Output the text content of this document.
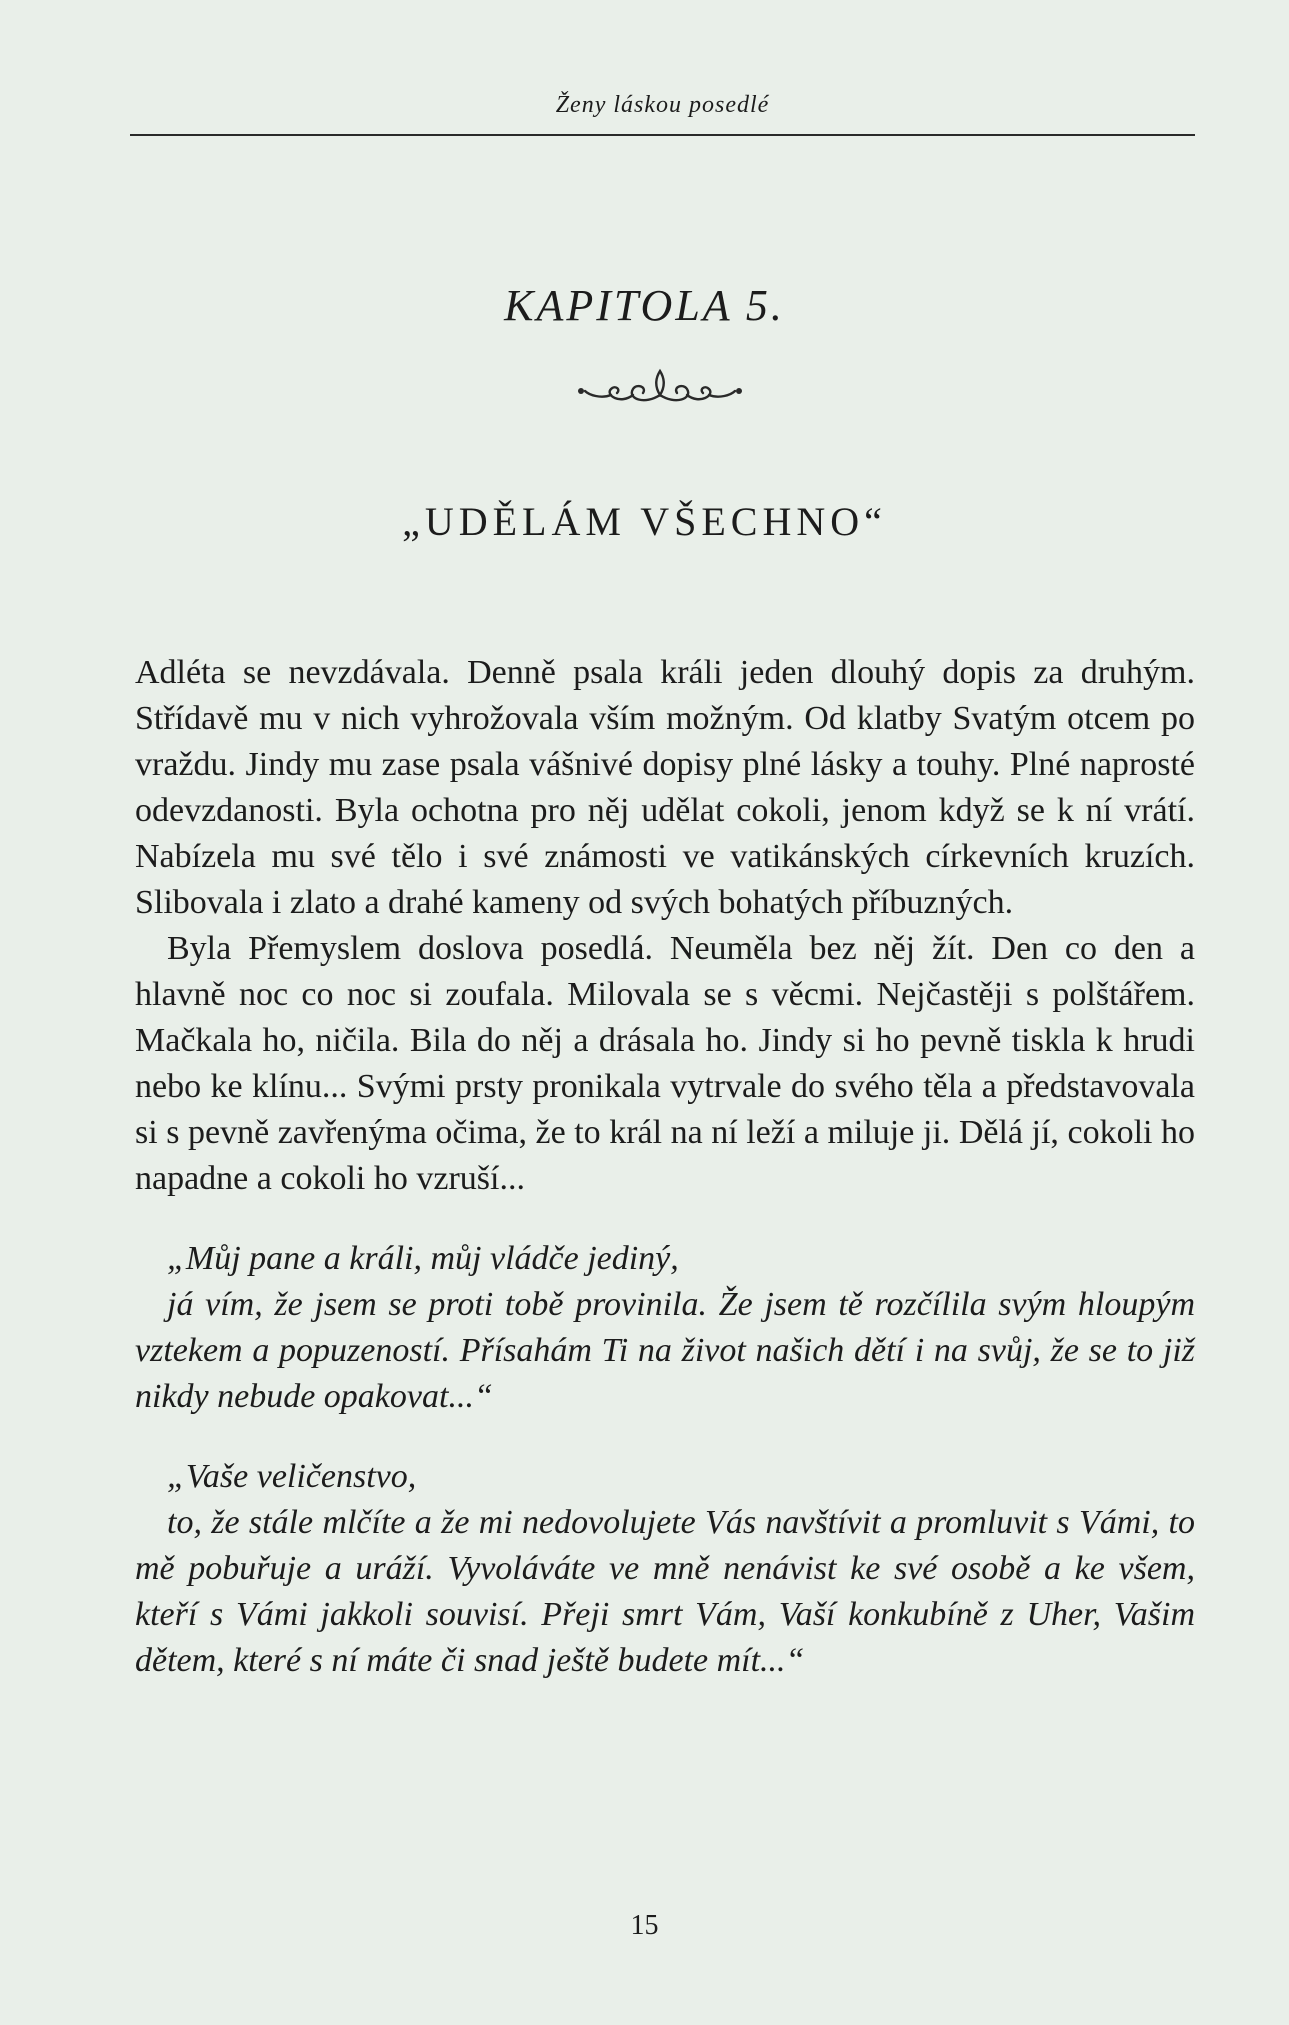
Ženy láskou posedlé
KAPITOLA 5.
„UDĚLÁM VŠECHNO“

Adléta se nevzdávala. Denně psala králi jeden dlouhý dopis za druhým. Střídavě mu v nich vyhrožovala vším možným. Od klatby Svatým otcem po vraždu. Jindy mu zase psala vášnivé dopisy plné lásky a touhy. Plné naprosté odevzdanosti. Byla ochotna pro něj udělat cokoli, jenom když se k ní vrátí. Nabízela mu své tělo i své známosti ve vatikánských církevních kruzích. Slibovala i zlato a drahé kameny od svých bohatých příbuzných.

Byla Přemyslem doslova posedlá. Neuměla bez něj žít. Den co den a hlavně noc co noc si zoufala. Milovala se s věcmi. Nejčastěji s polštářem. Mačkala ho, ničila. Bila do něj a drásala ho. Jindy si ho pevně tiskla k hrudi nebo ke klínu... Svými prsty pronikala vytrvale do svého těla a představovala si s pevně zavřenýma očima, že to král na ní leží a miluje ji. Dělá jí, cokoli ho napadne a cokoli ho vzruší...

„Můj pane a králi, můj vládče jediný,

já vím, že jsem se proti tobě provinila. Že jsem tě rozčílila svým hloupým vztekem a popuzeností. Přísahám Ti na život našich dětí i na svůj, že se to již nikdy nebude opakovat...“

„Vaše veličenstvo,

to, že stále mlčíte a že mi nedovolujete Vás navštívit a promluvit s Vámi, to mě pobuřuje a uráží. Vyvoláváte ve mně nenávist ke své osobě a ke všem, kteří s Vámi jakkoli souvisí. Přeji smrt Vám, Vaší konkubíně z Uher, Vašim dětem, které s ní máte či snad ještě budete mít...“

15
